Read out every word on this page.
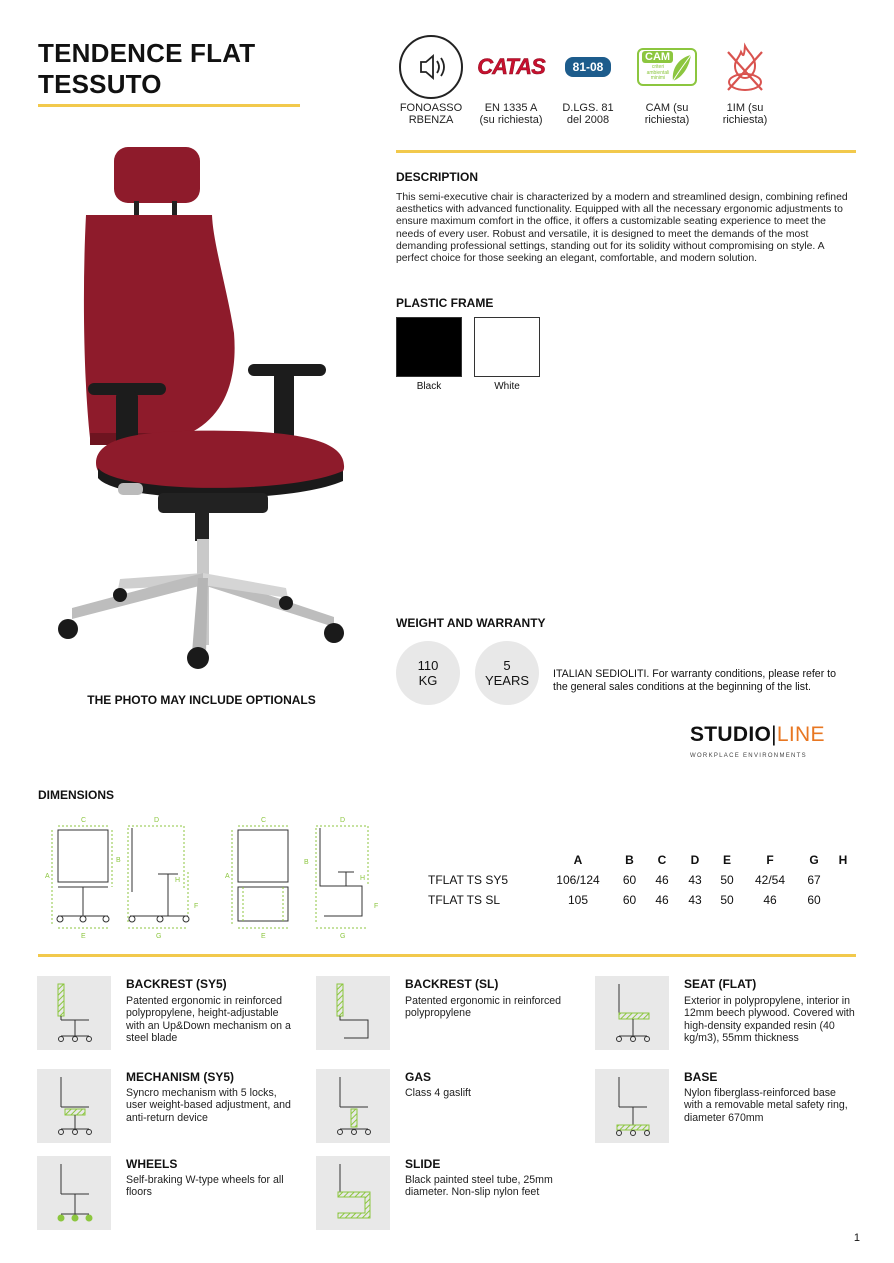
TENDENCE FLAT
TESSUTO
FONOASSO
RBENZA
CATAS
EN 1335 A
(su richiesta)
81-08
D.LGS. 81
del 2008
CAM
criteri ambientali minimi
CAM (su
richiesta)
1IM (su
richiesta)
THE PHOTO MAY INCLUDE OPTIONALS
DESCRIPTION
This semi-executive chair is characterized by a modern and streamlined design, combining refined aesthetics with advanced functionality. Equipped with all the necessary ergonomic adjustments to ensure maximum comfort in the office, it offers a customizable seating experience to meet the needs of every user. Robust and versatile, it is designed to meet the demands of the most demanding professional settings, standing out for its solidity without compromising on style. A perfect choice for those seeking an elegant, comfortable, and modern solution.
PLASTIC FRAME
Black	White
WEIGHT AND WARRANTY
110
KG
5
YEARS ITALIAN SEDIOLITI. For warranty conditions, please refer to the general sales conditions at the beginning of the list.
STUDIO|LINE
WORKPLACE ENVIRONMENTS
DIMENSIONS
C
A
B
E
D
H
F
G
C
A
E
D
B
H
F
G
	A	B	C	D	E	F	G	H
TFLAT TS SY5	106/124	60	46	43	50	42/54	67	
TFLAT TS SL	105	60	46	43	50	46	60	
BACKREST (SY5)
Patented ergonomic in reinforced polypropylene, height-adjustable with an Up&Down mechanism on a steel blade
BACKREST (SL)
Patented ergonomic in reinforced polypropylene
SEAT (FLAT)
Exterior in polypropylene, interior in 12mm beech plywood. Covered with high-density expanded resin (40 kg/m3), 55mm thickness
MECHANISM (SY5)
Syncro mechanism with 5 locks, user weight-based adjustment, and anti-return device
GAS
Class 4 gaslift
BASE
Nylon fiberglass-reinforced base with a removable metal safety ring, diameter 670mm
WHEELS
Self-braking W-type wheels for all floors
SLIDE
Black painted steel tube, 25mm diameter. Non-slip nylon feet
1
